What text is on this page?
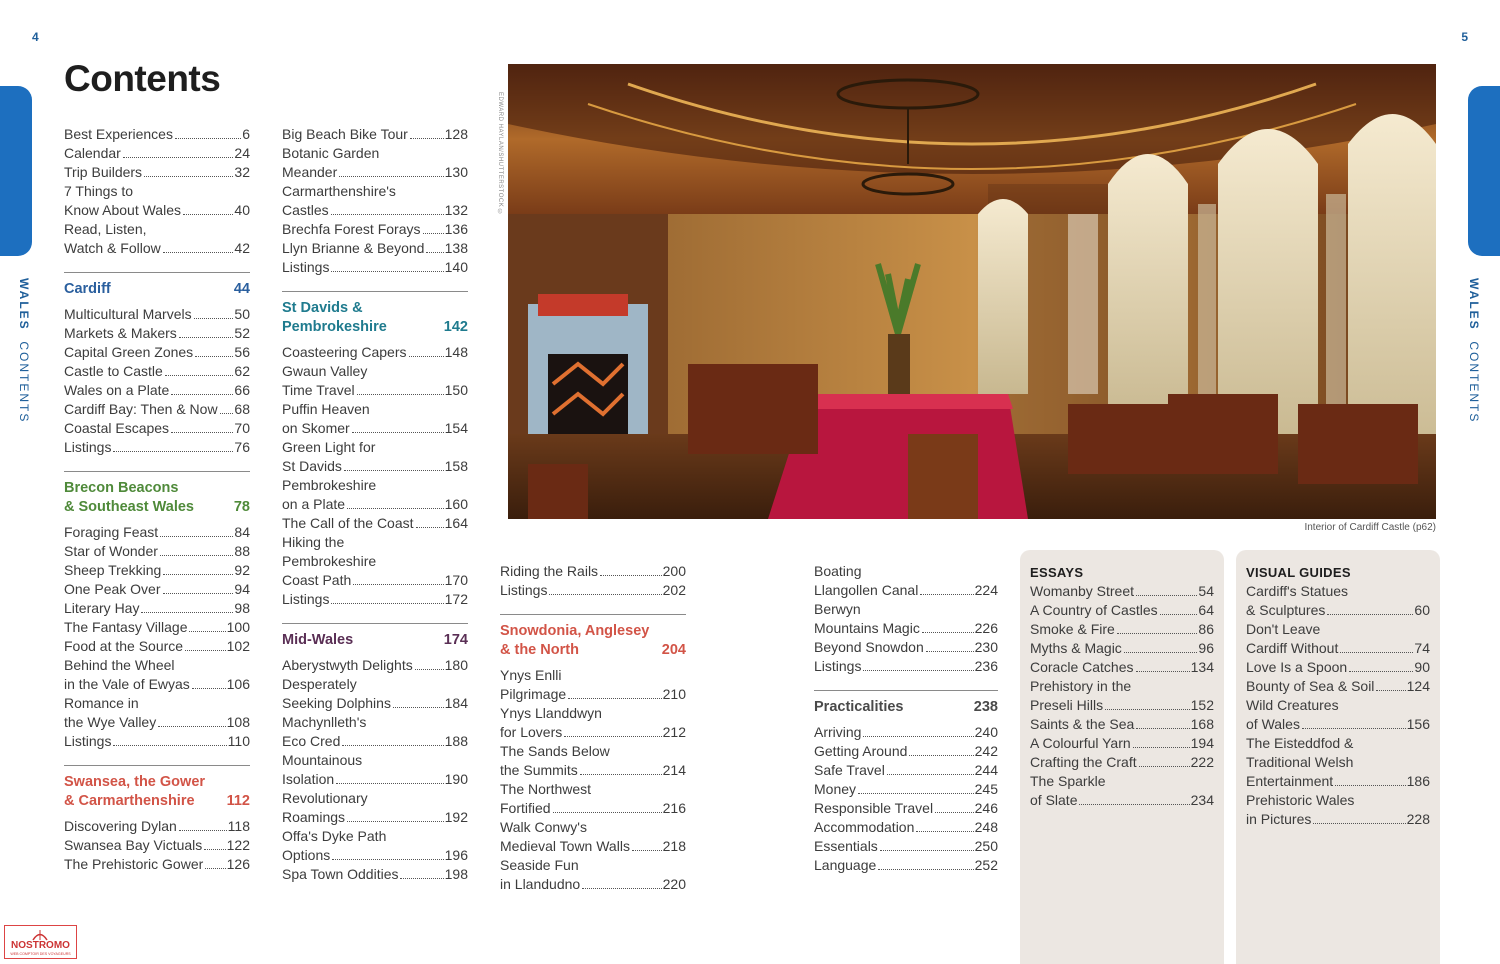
4	5
WALES  CONTENTS
WALES  CONTENTS
Contents
Best Experiences	6
Calendar	24
Trip Builders	32
7 Things to
Know About Wales	40
Read, Listen,
Watch & Follow	42
Cardiff	44
Multicultural Marvels	50
Markets & Makers	52
Capital Green Zones	56
Castle to Castle	62
Wales on a Plate	66
Cardiff Bay: Then & Now 68
Coastal Escapes	70
Listings	76
Brecon Beacons
& Southeast Wales	78
Foraging Feast	84
Star of Wonder	88
Sheep Trekking	92
One Peak Over	94
Literary Hay	98
The Fantasy Village	100
Food at the Source	102
Behind the Wheel
in the Vale of Ewyas	106
Romance in
the Wye Valley	108
Listings	110
Swansea, the Gower
& Carmarthenshire 112
Discovering Dylan	118
Swansea Bay Victuals 122
The Prehistoric Gower 126
Big Beach Bike Tour	128
Botanic Garden
Meander	130
Carmarthenshire's
Castles	132
Brechfa Forest Forays 136
Llyn Brianne & Beyond 138
Listings	140
St Davids &
Pembrokeshire	142
Coasteering Capers	148
Gwaun Valley
Time Travel	150
Puffin Heaven
on Skomer	154
Green Light for
St Davids	158
Pembrokeshire
on a Plate	160
The Call of the Coast 164
Hiking the
Pembrokeshire
Coast Path	170
Listings	172
Mid-Wales	174
Aberystwyth Delights 180
Desperately
Seeking Dolphins	184
Machynlleth's
Eco Cred	188
Mountainous
Isolation	190
Revolutionary
Roamings	192
Offa's Dyke Path
Options	196
Spa Town Oddities	198
Riding the Rails	200
Listings	202
Snowdonia, Anglesey
& the North	204
Ynys Enlli
Pilgrimage	210
Ynys Llanddwyn
for Lovers	212
The Sands Below
the Summits	214
The Northwest
Fortified	216
Walk Conwy's
Medieval Town Walls 218
Seaside Fun
in Llandudno	220
Boating
Llangollen Canal	224
Berwyn
Mountains Magic	226
Beyond Snowdon	230
Listings	236
Practicalities	238
Arriving	240
Getting Around	242
Safe Travel	244
Money	245
Responsible Travel	246
Accommodation	248
Essentials	250
Language	252
EDWARD HAYLAN/SHUTTERSTOCK ©
Interior of Cardiff Castle (p62)
ESSAYS
Womanby Street	54
A Country of Castles	64
Smoke & Fire	86
Myths & Magic	96
Coracle Catches	134
Prehistory in the
Preseli Hills	152
Saints & the Sea	168
A Colourful Yarn	194
Crafting the Craft	222
The Sparkle
of Slate	234
VISUAL GUIDES
Cardiff's Statues
& Sculptures	60
Don't Leave
Cardiff Without	74
Love Is a Spoon	90
Bounty of Sea & Soil 124
Wild Creatures
of Wales	156
The Eisteddfod &
Traditional Welsh
Entertainment	186
Prehistoric Wales
in Pictures	228
NOSTROMO
WEB COMPTOIR DES VOYAGEURS
